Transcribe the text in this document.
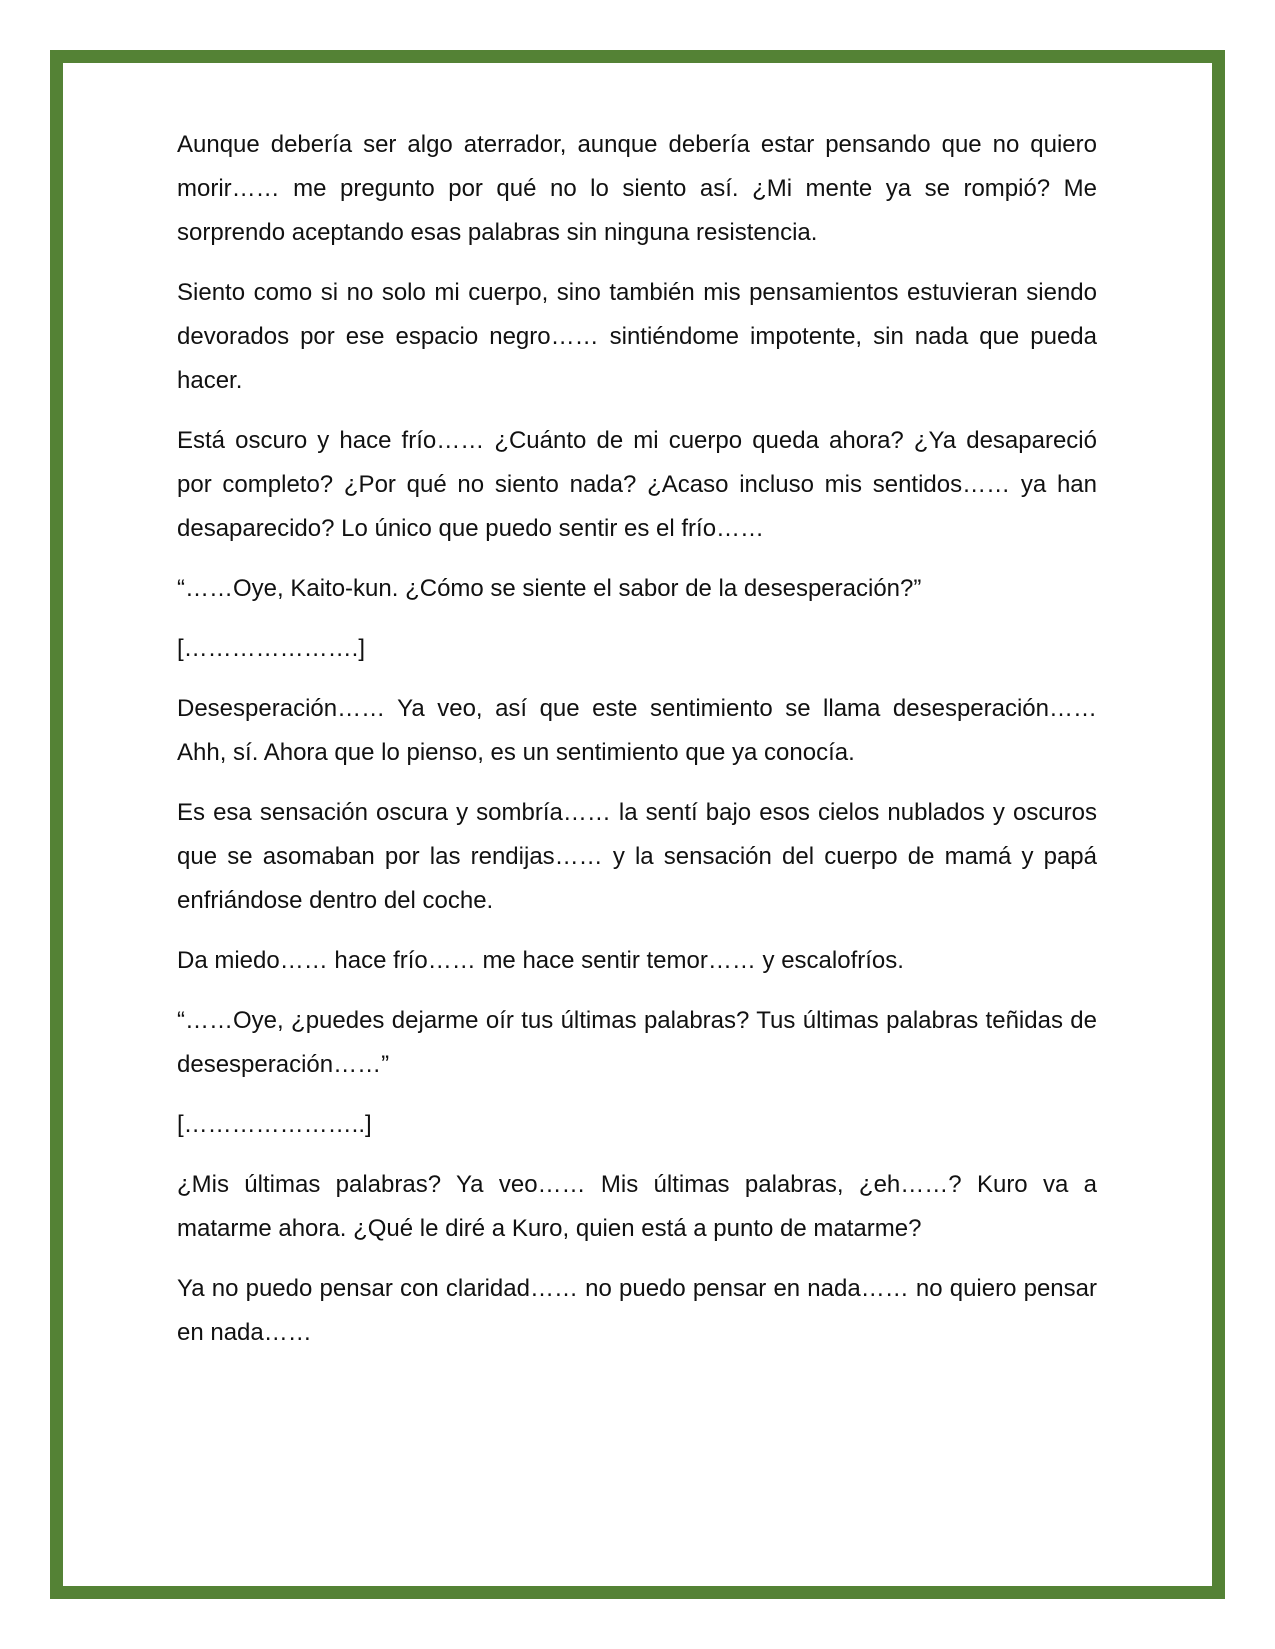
Aunque debería ser algo aterrador, aunque debería estar pensando que no quiero morir…… me pregunto por qué no lo siento así. ¿Mi mente ya se rompió? Me sorprendo aceptando esas palabras sin ninguna resistencia.

Siento como si no solo mi cuerpo, sino también mis pensamientos estuvieran siendo devorados por ese espacio negro…… sintiéndome impotente, sin nada que pueda hacer.

Está oscuro y hace frío…… ¿Cuánto de mi cuerpo queda ahora? ¿Ya desapareció por completo? ¿Por qué no siento nada? ¿Acaso incluso mis sentidos…… ya han desaparecido? Lo único que puedo sentir es el frío……

“……Oye, Kaito-kun. ¿Cómo se siente el sabor de la desesperación?”

[………………….]

Desesperación…… Ya veo, así que este sentimiento se llama desesperación…… Ahh, sí. Ahora que lo pienso, es un sentimiento que ya conocía.

Es esa sensación oscura y sombría…… la sentí bajo esos cielos nublados y oscuros que se asomaban por las rendijas…… y la sensación del cuerpo de mamá y papá enfriándose dentro del coche.

Da miedo…… hace frío…… me hace sentir temor…… y escalofríos.

“……Oye, ¿puedes dejarme oír tus últimas palabras? Tus últimas palabras teñidas de desesperación……”

[…………………..]

¿Mis últimas palabras? Ya veo…… Mis últimas palabras, ¿eh……? Kuro va a matarme ahora. ¿Qué le diré a Kuro, quien está a punto de matarme?

Ya no puedo pensar con claridad…… no puedo pensar en nada…… no quiero pensar en nada……
